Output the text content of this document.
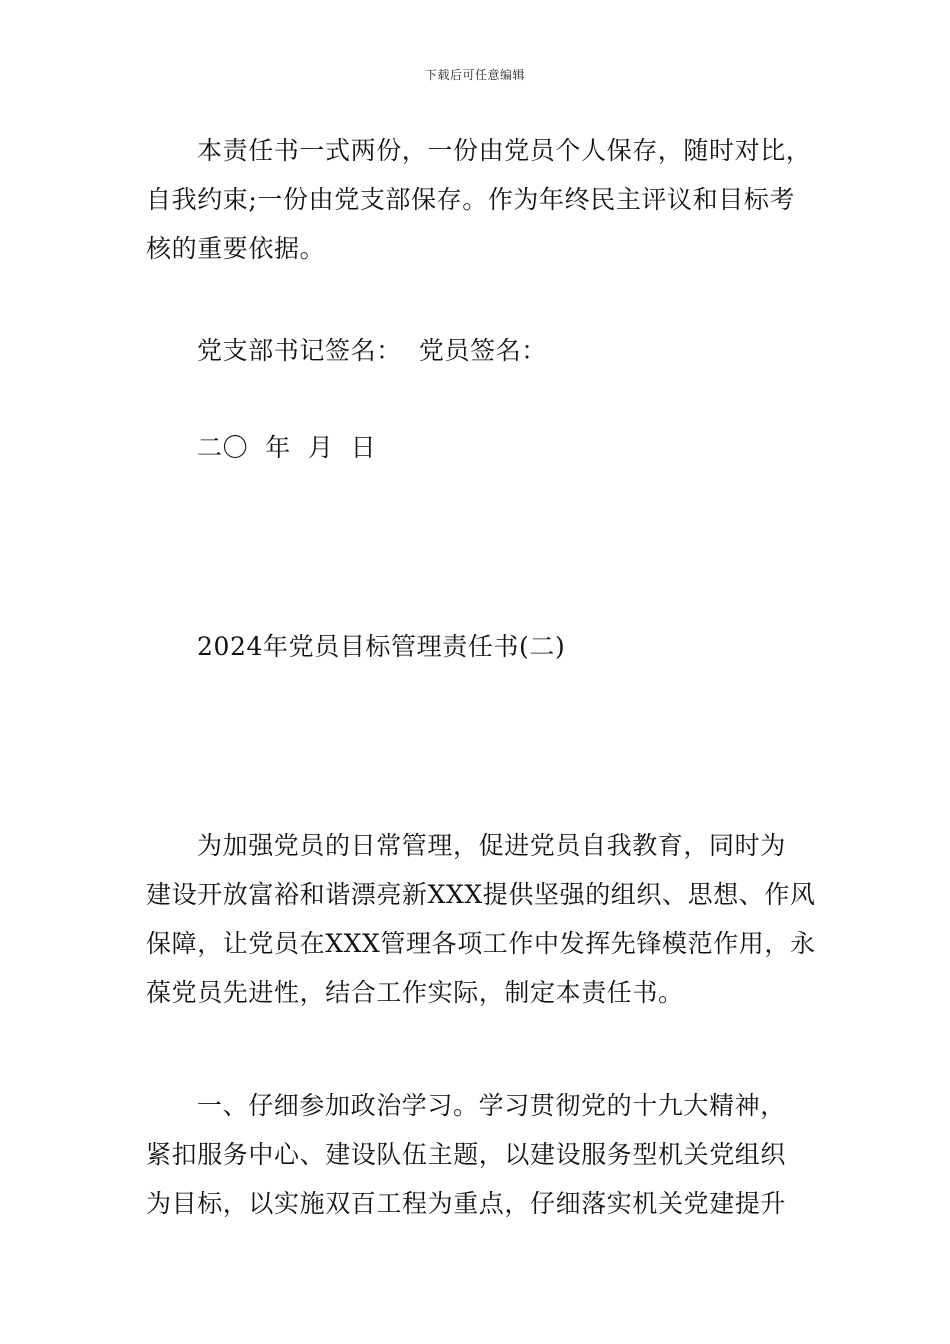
下载后可任意编辑
本责任书一式两份，一份由党员个人保存，随时对比，
自我约束;一份由党支部保存。作为年终民主评议和目标考
核的重要依据。
党支部书记签名：  党员签名：
二〇  年  月  日
2024年党员目标管理责任书(二)
为加强党员的日常管理，促进党员自我教育，同时为
建设开放富裕和谐漂亮新XXX提供坚强的组织、思想、作风
保障，让党员在XXX管理各项工作中发挥先锋模范作用，永
葆党员先进性，结合工作实际，制定本责任书。
一、仔细参加政治学习。学习贯彻党的十九大精神，
紧扣服务中心、建设队伍主题，以建设服务型机关党组织
为目标，以实施双百工程为重点，仔细落实机关党建提升
